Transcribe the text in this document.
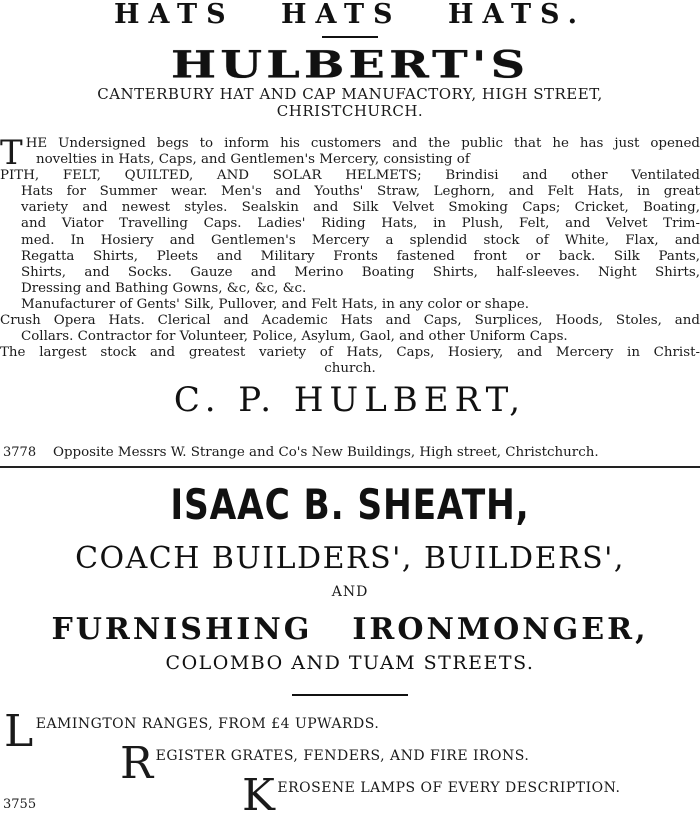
HATS HATS HATS.
HULBERT'S
CANTERBURY HAT AND CAP MANUFACTORY, HIGH STREET,
CHRISTCHURCH.
THE Undersigned begs to inform his customers and the public that he has just opened
novelties in Hats, Caps, and Gentlemen's Mercery, consisting of
PITH, FELT, QUILTED, AND SOLAR HELMETS; Brindisi and other Ventilated
Hats for Summer wear. Men's and Youths' Straw, Leghorn, and Felt Hats, in great
variety and newest styles. Sealskin and Silk Velvet Smoking Caps; Cricket, Boating,
and Viator Travelling Caps. Ladies' Riding Hats, in Plush, Felt, and Velvet Trim-
med. In Hosiery and Gentlemen's Mercery a splendid stock of White, Flax, and
Regatta Shirts, Pleets and Military Fronts fastened front or back. Silk Pants,
Shirts, and Socks. Gauze and Merino Boating Shirts, half-sleeves. Night Shirts,
Dressing and Bathing Gowns, &c, &c, &c.
Manufacturer of Gents' Silk, Pullover, and Felt Hats, in any color or shape.
Crush Opera Hats. Clerical and Academic Hats and Caps, Surplices, Hoods, Stoles, and
Collars. Contractor for Volunteer, Police, Asylum, Gaol, and other Uniform Caps.
The largest stock and greatest variety of Hats, Caps, Hosiery, and Mercery in Christ-
church.
C. P. HULBERT,
3778 Opposite Messrs W. Strange and Co's New Buildings, High street, Christchurch.
ISAAC B. SHEATH,
COACH BUILDERS', BUILDERS',
AND
FURNISHING IRONMONGER,
COLOMBO AND TUAM STREETS.
LEAMINGTON RANGES, FROM £4 UPWARDS.
REGISTER GRATES, FENDERS, AND FIRE IRONS.
KEROSENE LAMPS OF EVERY DESCRIPTION.
3755
